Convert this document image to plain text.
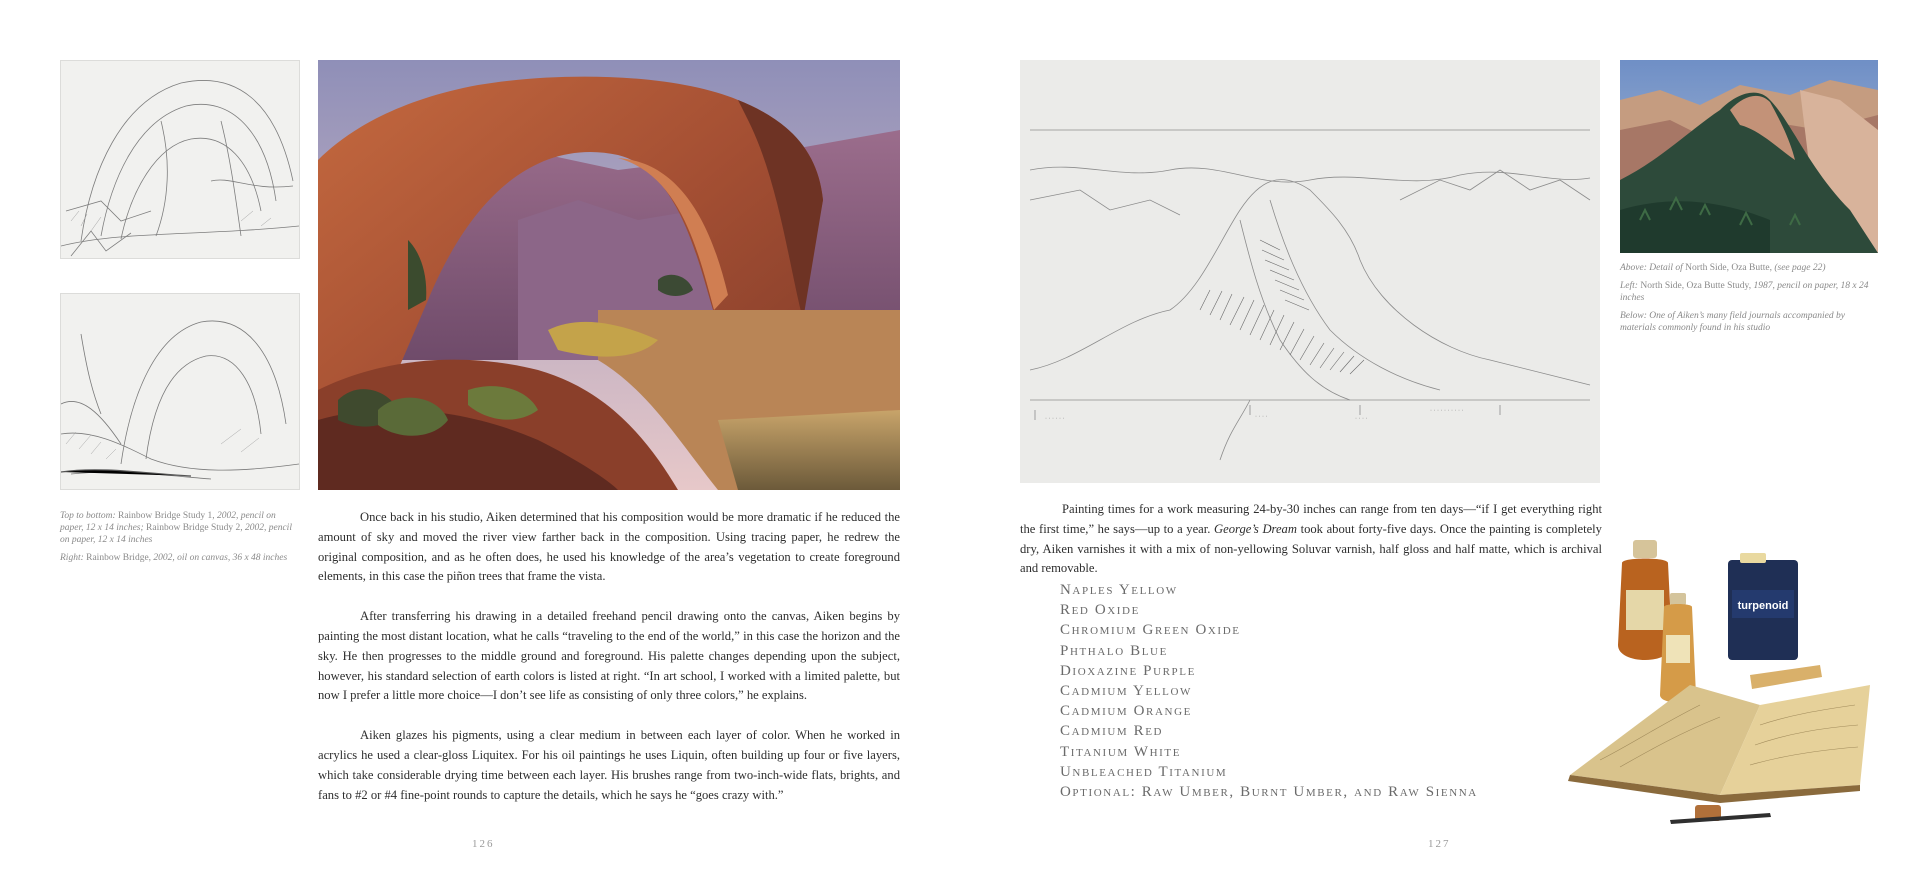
Top to bottom: Rainbow Bridge Study 1, 2002, pencil on paper, 12 x 14 inches; Rainbow Bridge Study 2, 2002, pencil on paper, 12 x 14 inches

Right: Rainbow Bridge, 2002, oil on canvas, 36 x 48 inches

Once back in his studio, Aiken determined that his composition would be more dramatic if he reduced the amount of sky and moved the river view farther back in the composition. Using tracing paper, he redrew the original composition, and as he often does, he used his knowledge of the area’s vegetation to create foreground elements, in this case the piñon trees that frame the vista.

After transferring his drawing in a detailed freehand pencil drawing onto the canvas, Aiken begins by painting the most distant location, what he calls “traveling to the end of the world,” in this case the horizon and the sky. He then progresses to the middle ground and foreground. His palette changes depending upon the subject, however, his standard selection of earth colors is listed at right. “In art school, I worked with a limited palette, but now I prefer a little more choice—I don’t see life as consisting of only three colors,” he explains.

Aiken glazes his pigments, using a clear medium in between each layer of color. When he worked in acrylics he used a clear-gloss Liquitex. For his oil paintings he uses Liquin, often building up four or five layers, which take considerable drying time between each layer. His brushes range from two-inch-wide flats, brights, and fans to #2 or #4 fine-point rounds to capture the details, which he says he “goes crazy with.”

126
· · · · · ·	· · · ·	· · · ·
· · · · · · · · · ·

Above: Detail of North Side, Oza Butte, (see page 22)

Left: North Side, Oza Butte Study, 1987, pencil on paper, 18 x 24 inches

Below: One of Aiken’s many field journals accompanied by materials commonly found in his studio

Painting times for a work measuring 24-by-30 inches can range from ten days—“if I get everything right the first time,” he says—up to a year. George’s Dream took about forty-five days. Once the painting is completely dry, Aiken varnishes it with a mix of non-yellowing Soluvar varnish, half gloss and half matte, which is archival and removable.

Naples Yellow
Red Oxide
Chromium Green Oxide
Phthalo Blue
Dioxazine Purple
Cadmium Yellow
Cadmium Orange
Cadmium Red
Titanium White
Unbleached Titanium
Optional: Raw Umber, Burnt Umber, and Raw Sienna
turpenoid
127
